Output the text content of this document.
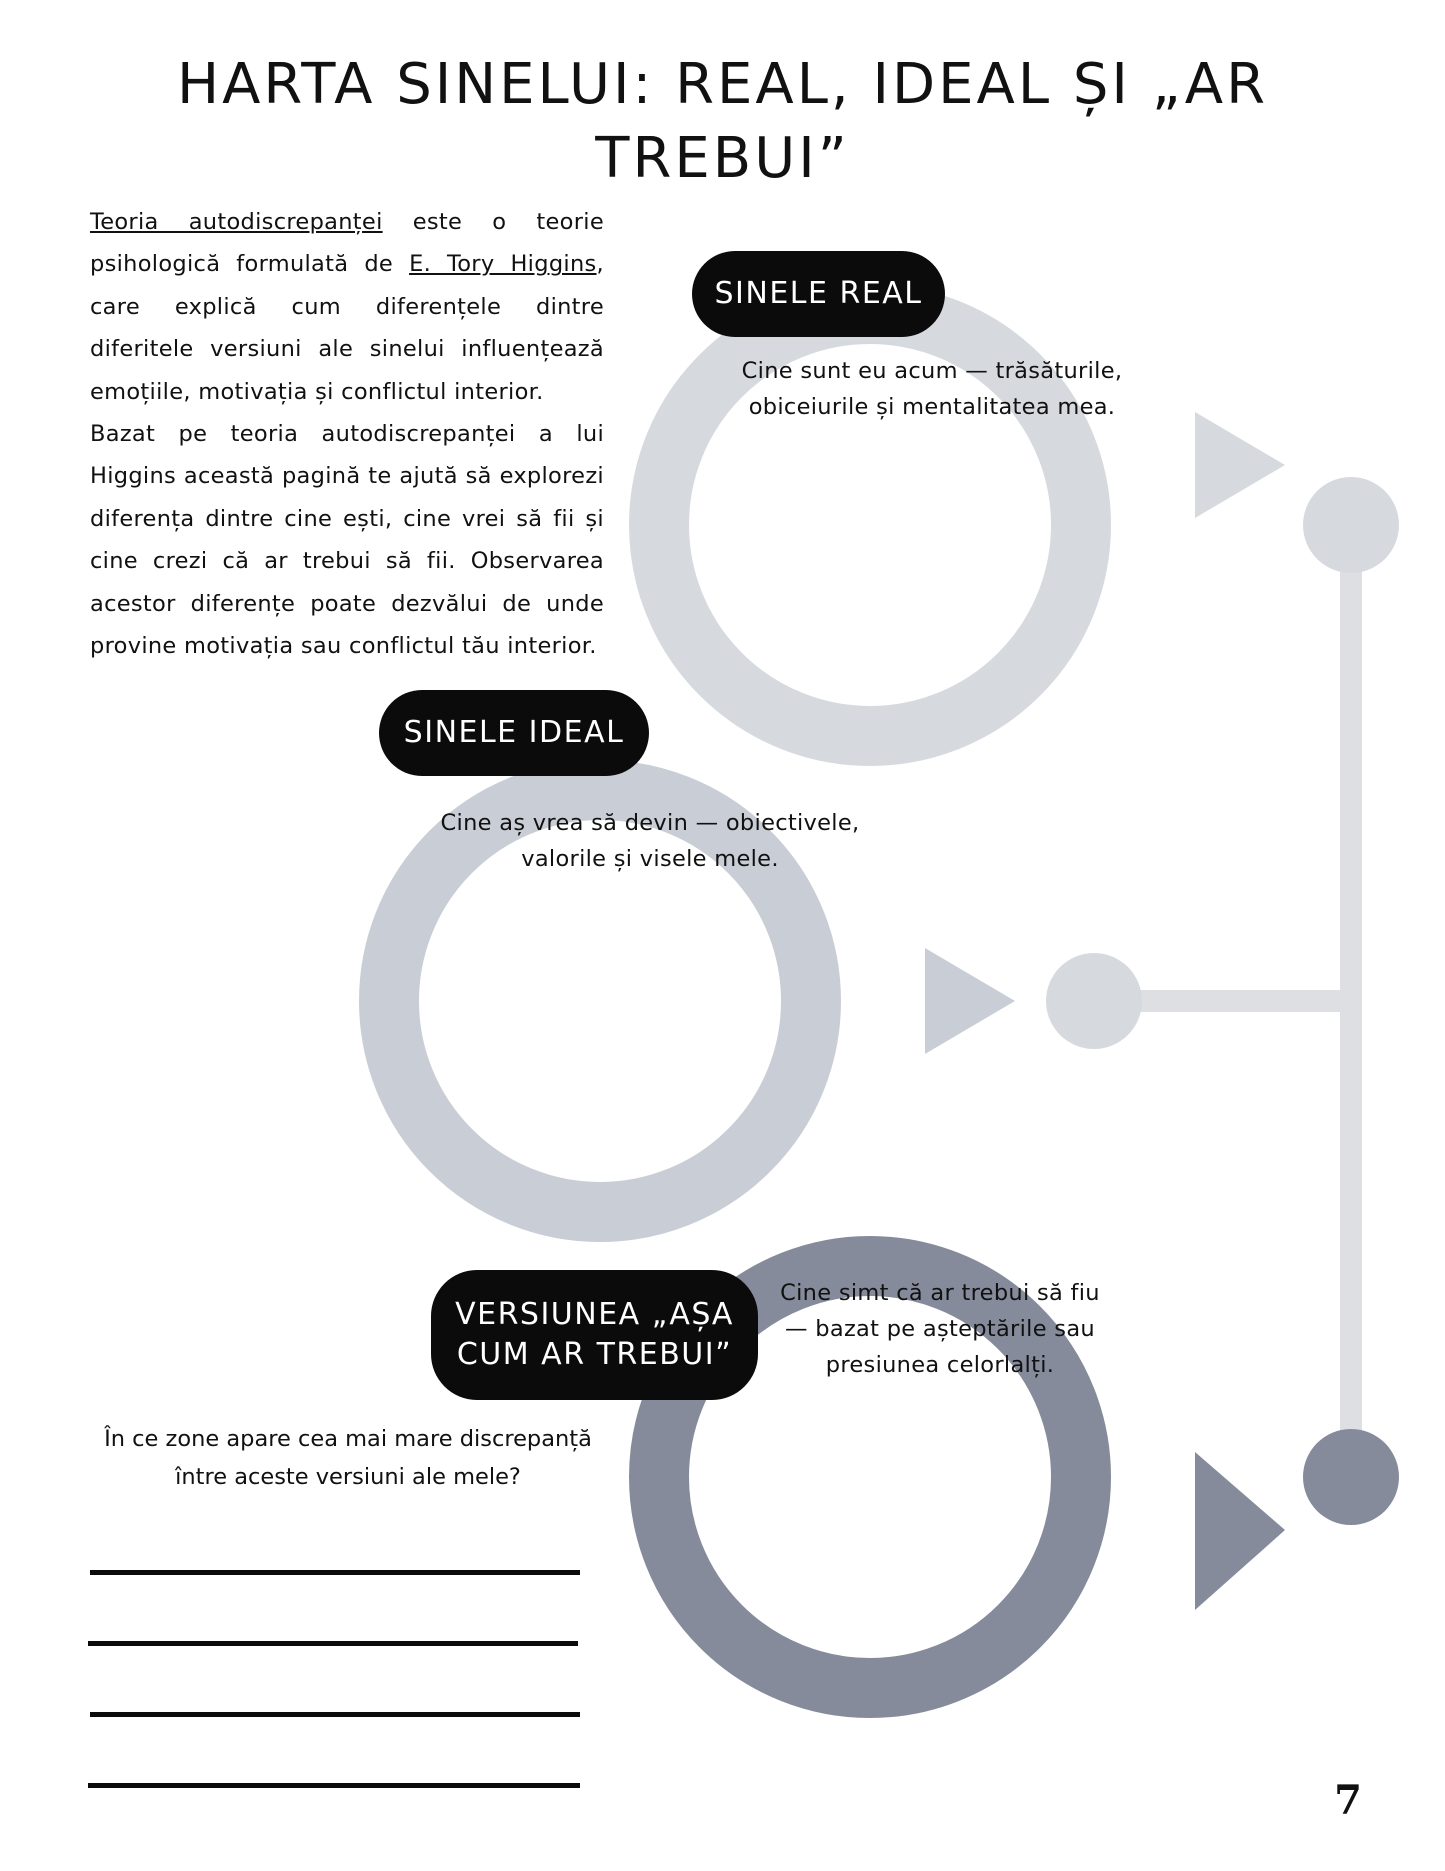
HARTA SINELUI: REAL, IDEAL ȘI „AR TREBUI”

Teoria autodiscrepanței este o teorie psihologică formulată de E. Tory Higgins, care explică cum diferențele dintre diferitele versiuni ale sinelui influențează emoțiile, motivația și conflictul interior.

Bazat pe teoria autodiscrepanței a lui Higgins această pagină te ajută să explorezi diferența dintre cine ești, cine vrei să fii și cine crezi că ar trebui să fii. Observarea acestor diferențe poate dezvălui de unde provine motivația sau conflictul tău interior.

SINELE REAL
Cine sunt eu acum — trăsăturile, obiceiurile și mentalitatea mea.
SINELE IDEAL
Cine aș vrea să devin — obiectivele, valorile și visele mele.
VERSIUNEA „AȘA CUM AR TREBUI”
Cine simt că ar trebui să fiu — bazat pe așteptările sau presiunea celorlalți.
În ce zone apare cea mai mare discrepanță între aceste versiuni ale mele?
7
